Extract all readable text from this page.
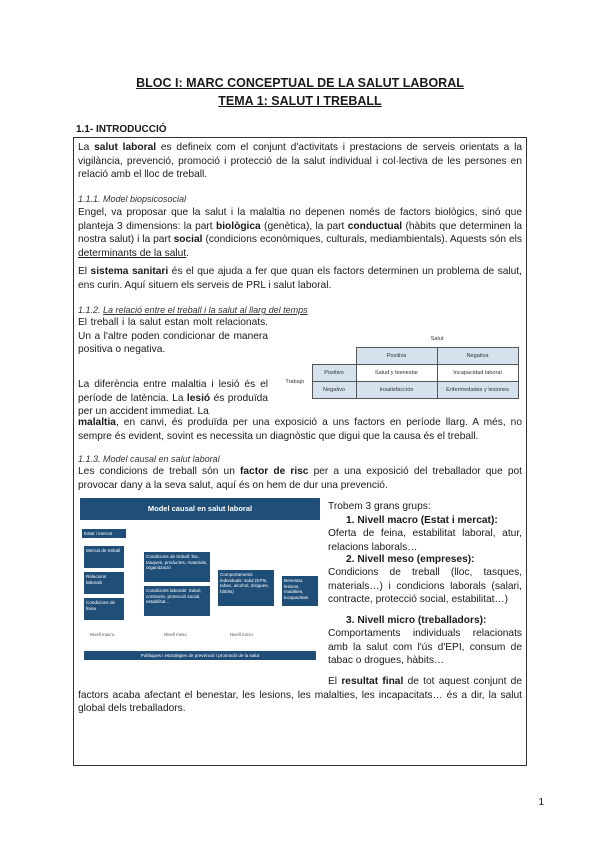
BLOC I: MARC CONCEPTUAL DE LA SALUT LABORAL
TEMA 1: SALUT I TREBALL
1.1- INTRODUCCIÓ
La salut laboral es defineix com el conjunt d'activitats i prestacions de serveis orientats a la vigilància, prevenció, promoció i protecció de la salut individual i col·lectiva de les persones en relació amb el lloc de treball.
1.1.1. Model biopsicosocial
Engel, va proposar que la salut i la malaltia no depenen només de factors biològics, sinó que planteja 3 dimensions: la part biològica (genètica), la part conductual (hàbits que determinen la nostra salut) i la part social (condicions econòmiques, culturals, mediambientals). Aquests són els determinants de la salut.
El sistema sanitari és el que ajuda a fer que quan els factors determinen un problema de salut, ens curin. Aquí situem els serveis de PRL i salut laboral.
1.1.2. La relació entre el treball i la salut al llarg del temps
El treball i la salut estan molt relacionats. Un a l'altre poden condicionar de manera positiva o negativa.
La diferència entre malaltia i lesió és el període de latència. La lesió és produïda per un accident immediat. La
malaltia, en canvi, és produïda per una exposició a uns factors en període llarg. A més, no sempre és evident, sovint es necessita un diagnòstic que digui que la causa és el treball.
		Salut	
		Positiva	Negativa
Trabajo	Positivo	Salud y bienestar	Incapacidad laboral
	Negativo	Insatisfacción	Enfermedades y lesiones
1.1.3. Model causal en salut laboral
Les condicions de treball són un factor de risc per a una exposició del treballador que pot provocar dany a la seva salut, aquí és on hem de dur una prevenció.
Model causal en salut laboral
Estat i mercat
Mercat de treball
Relacions laborals
Condicions de feina
Condicions de treball: lloc, tasques, productes, materials, organització
Condicions laborals: Salari, contracte, protecció social, estabilitat...
Comportaments individuals: salut (EPIs, tabac, alcohol, drogues, hàbits)
Benestar, lesions, malalties, incapacitats
Nivell macro	Nivell meso	Nivell micro
Polítiques i estratègies de prevenció i promoció de la salut
Trobem 3 grans grups:
1. Nivell macro (Estat i mercat):
Oferta de feina, estabilitat laboral, atur, relacions laborals…
2. Nivell meso (empreses):
Condicions de treball (lloc, tasques, materials…) i condicions laborals (salari, contracte, protecció social, estabilitat…)
3. Nivell micro (treballadors):
Comportaments individuals relacionats amb la salut com l'ús d'EPI, consum de tabac o drogues, hàbits…
El resultat final de tot aquest conjunt de factors acaba afectant el benestar, les lesions, les malalties, les incapacitats… és a dir, la salut global dels treballadors.
1
